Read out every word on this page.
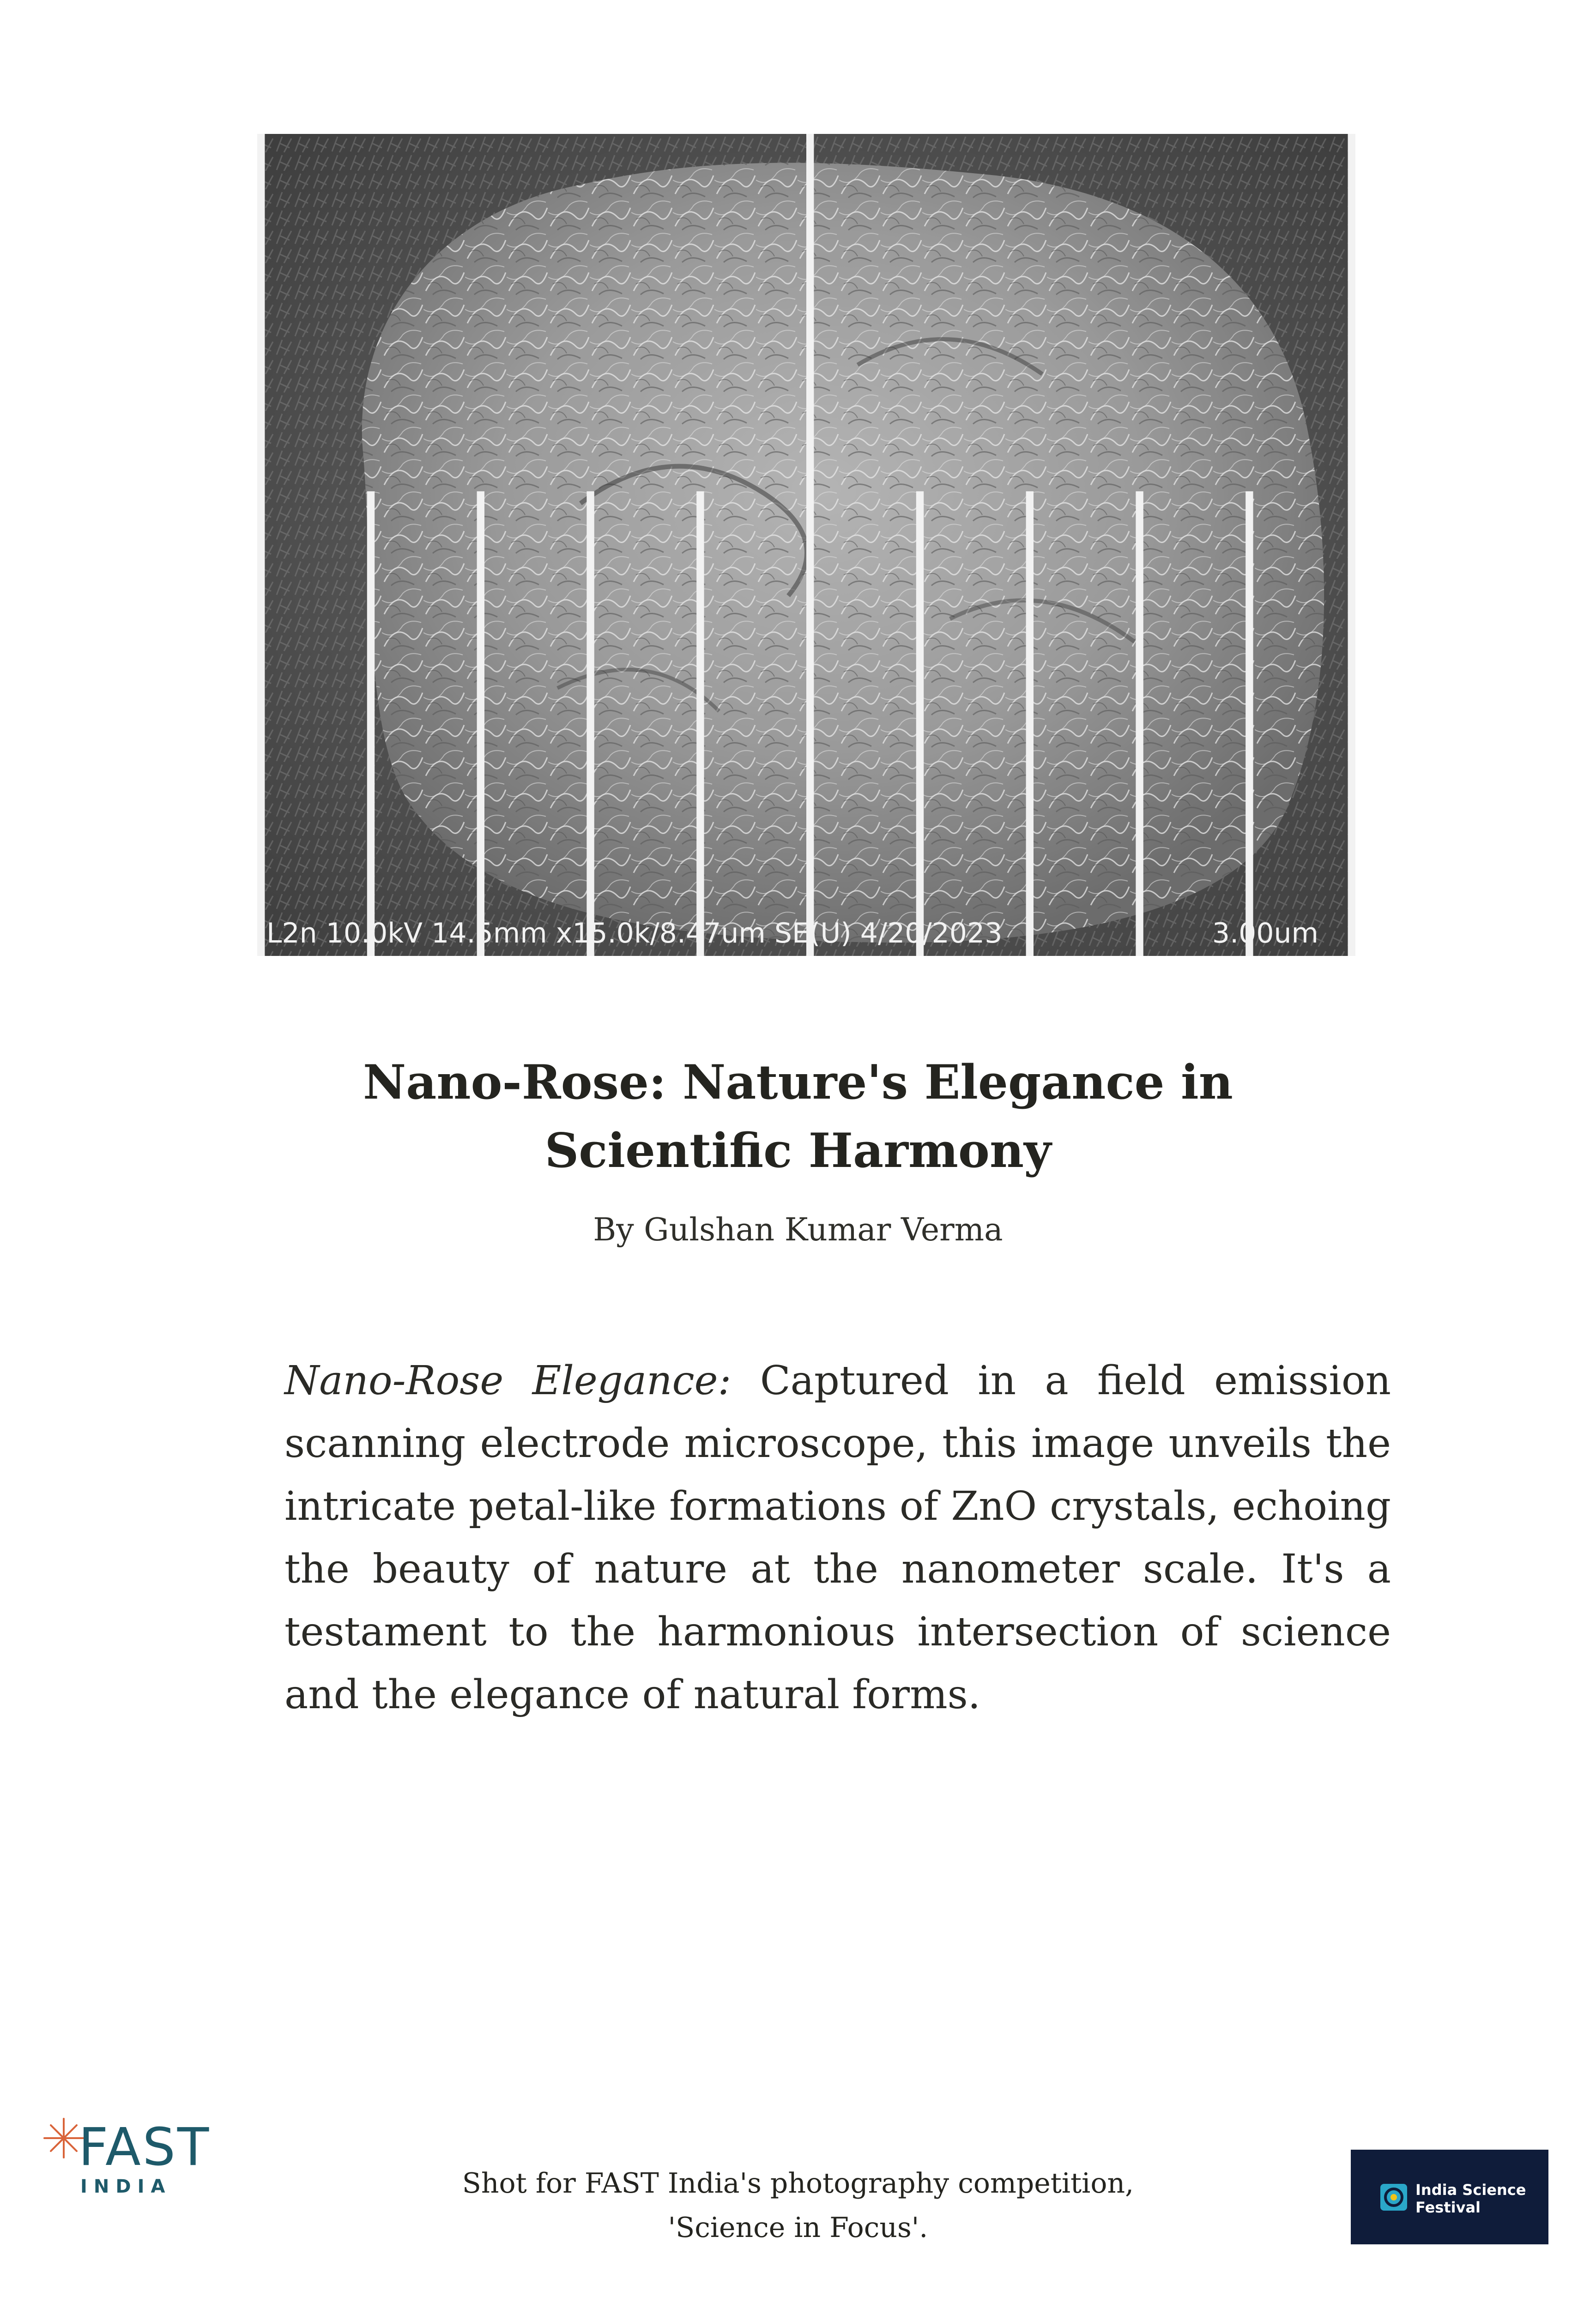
L2n 10.0kV 14.5mm x15.0k/8.47um SE(U) 4/20/2023	3.00um
Nano-Rose: Nature's Elegance in
Scientific Harmony
By Gulshan Kumar Verma

Nano-Rose Elegance: Captured in a field emission scanning electrode microscope, this image unveils the intricate petal-like formations of ZnO crystals, echoing the beauty of nature at the nanometer scale. It's a testament to the harmonious intersection of science and the elegance of natural forms.

FAST
INDIA	Shot for FAST India's photography competition,
'Science in Focus'.
India Science
Festival
